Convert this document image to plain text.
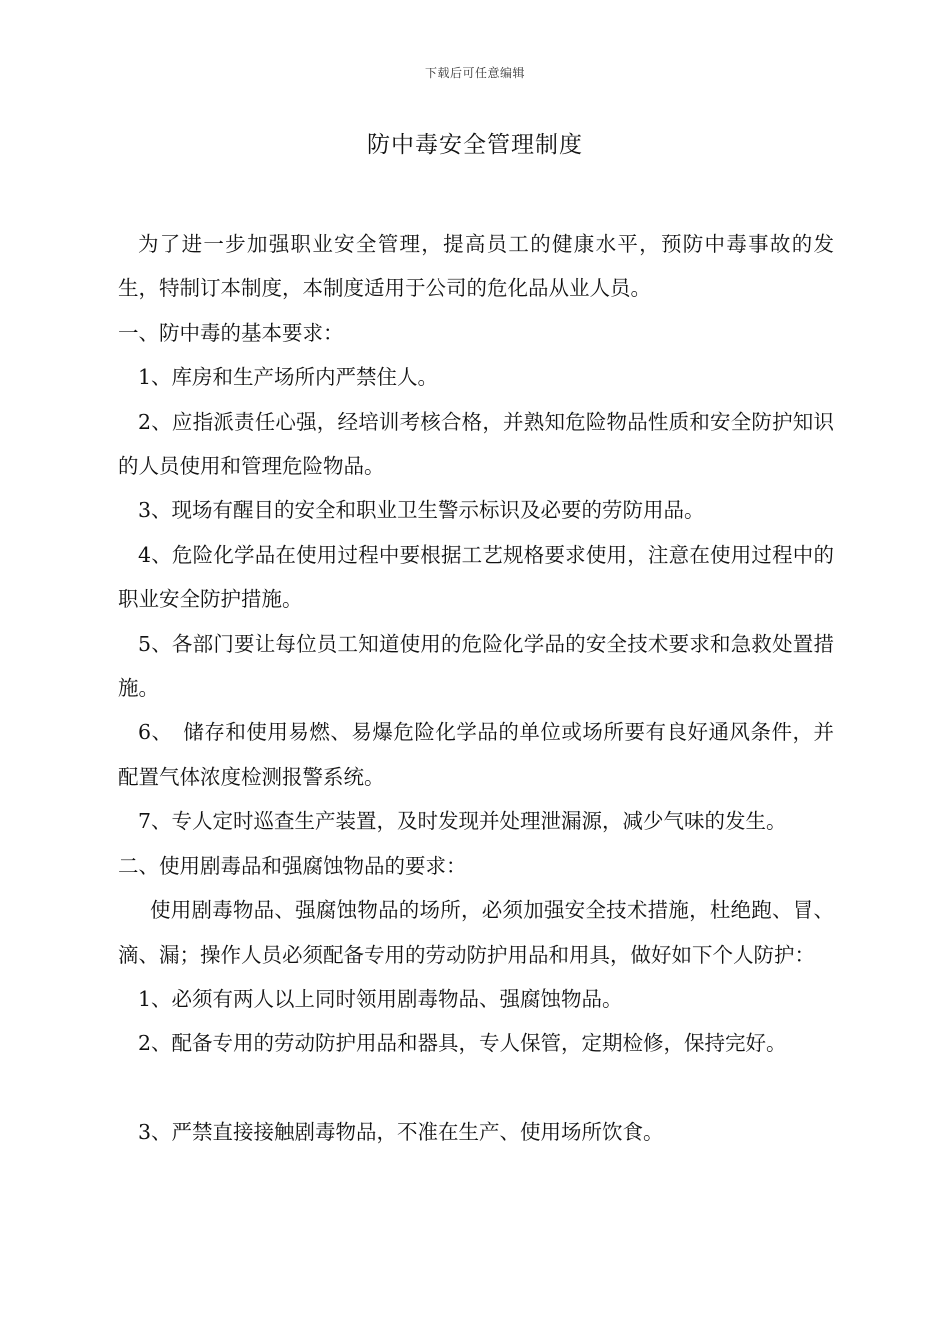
下载后可任意编辑
防中毒安全管理制度

为了进一步加强职业安全管理，提高员工的健康水平，预防中毒事故的发生，特制订本制度，本制度适用于公司的危化品从业人员。

一、防中毒的基本要求：

1、库房和生产场所内严禁住人。

2、应指派责任心强，经培训考核合格，并熟知危险物品性质和安全防护知识的人员使用和管理危险物品。

3、现场有醒目的安全和职业卫生警示标识及必要的劳防用品。

4、危险化学品在使用过程中要根据工艺规格要求使用，注意在使用过程中的职业安全防护措施。

5、各部门要让每位员工知道使用的危险化学品的安全技术要求和急救处置措施。

6、　储存和使用易燃、易爆危险化学品的单位或场所要有良好通风条件，并配置气体浓度检测报警系统。

7、专人定时巡查生产装置，及时发现并处理泄漏源，减少气味的发生。

二、使用剧毒品和强腐蚀物品的要求：

使用剧毒物品、强腐蚀物品的场所，必须加强安全技术措施，杜绝跑、冒、滴、漏；操作人员必须配备专用的劳动防护用品和用具，做好如下个人防护：

1、必须有两人以上同时领用剧毒物品、强腐蚀物品。

2、配备专用的劳动防护用品和器具，专人保管，定期检修，保持完好。

3、严禁直接接触剧毒物品，不准在生产、使用场所饮食。
